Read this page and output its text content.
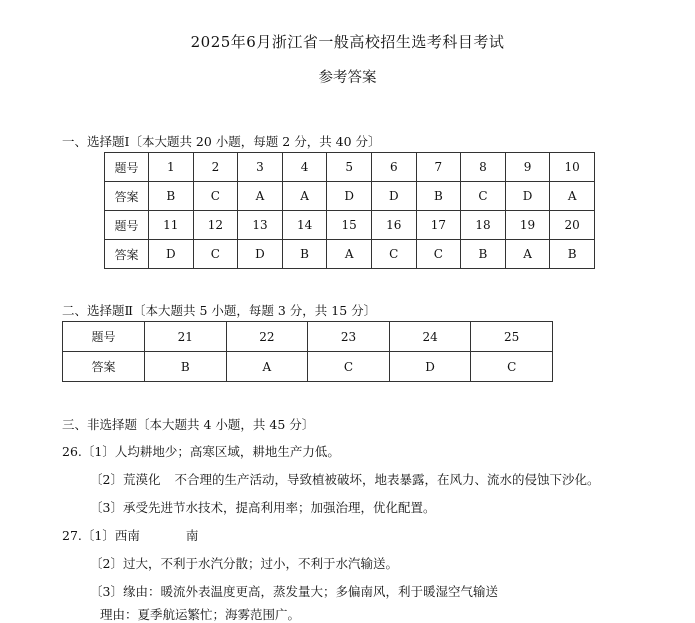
2025年6月浙江省一般高校招生选考科目考试
参考答案
一、选择题Ⅰ〔本大题共 20 小题，每题 2 分，共 40 分〕
题号	1	2	3	4	5	6	7	8	9	10
答案	B	C	A	A	D	D	B	C	D	A
题号	11	12	13	14	15	16	17	18	19	20
答案	D	C	D	B	A	C	C	B	A	B
二、选择题Ⅱ〔本大题共 5 小题，每题 3 分，共 15 分〕
题号	21	22	23	24	25
答案	B	A	C	D	C
三、非选择题〔本大题共 4 小题，共 45 分〕
26.〔1〕人均耕地少；高寒区域，耕地生产力低。
〔2〕荒漠化 不合理的生产活动，导致植被破坏，地表暴露，在风力、流水的侵蚀下沙化。
〔3〕承受先进节水技术，提高利用率；加强治理，优化配置。
27.〔1〕西南	南
〔2〕过大，不利于水汽分散；过小，不利于水汽输送。
〔3〕缘由：暖流外表温度更高，蒸发量大；多偏南风，利于暖湿空气输送
理由：夏季航运繁忙；海雾范围广。
